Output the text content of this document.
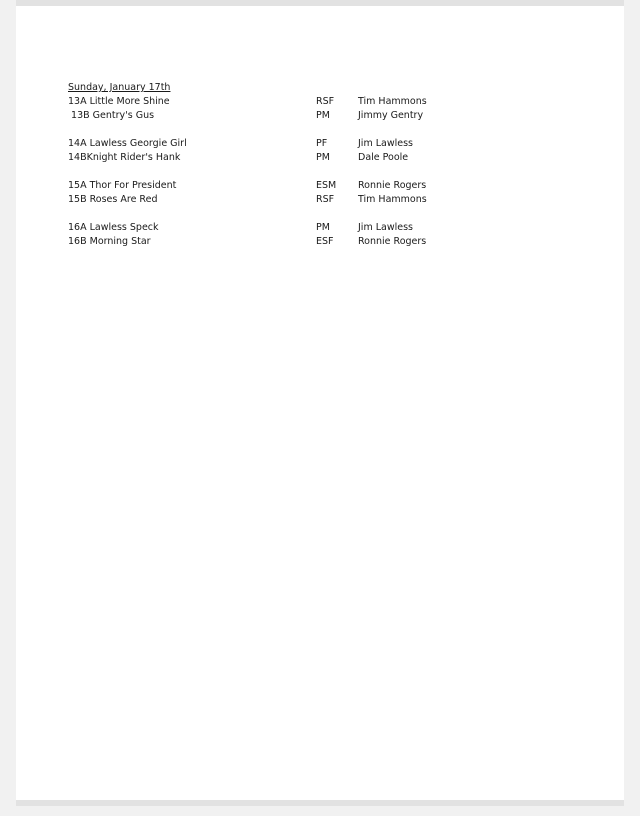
Sunday, January 17th
13A Little More Shine	RSF	Tim Hammons
13B Gentry's Gus	PM	Jimmy Gentry
14A Lawless Georgie Girl	PF	Jim Lawless
14BKnight Rider's Hank	PM	Dale Poole
15A Thor For President	ESM Ronnie Rogers
15B Roses Are Red	RSF	Tim Hammons
16A Lawless Speck	PM	Jim Lawless
16B Morning Star	ESF	Ronnie Rogers
